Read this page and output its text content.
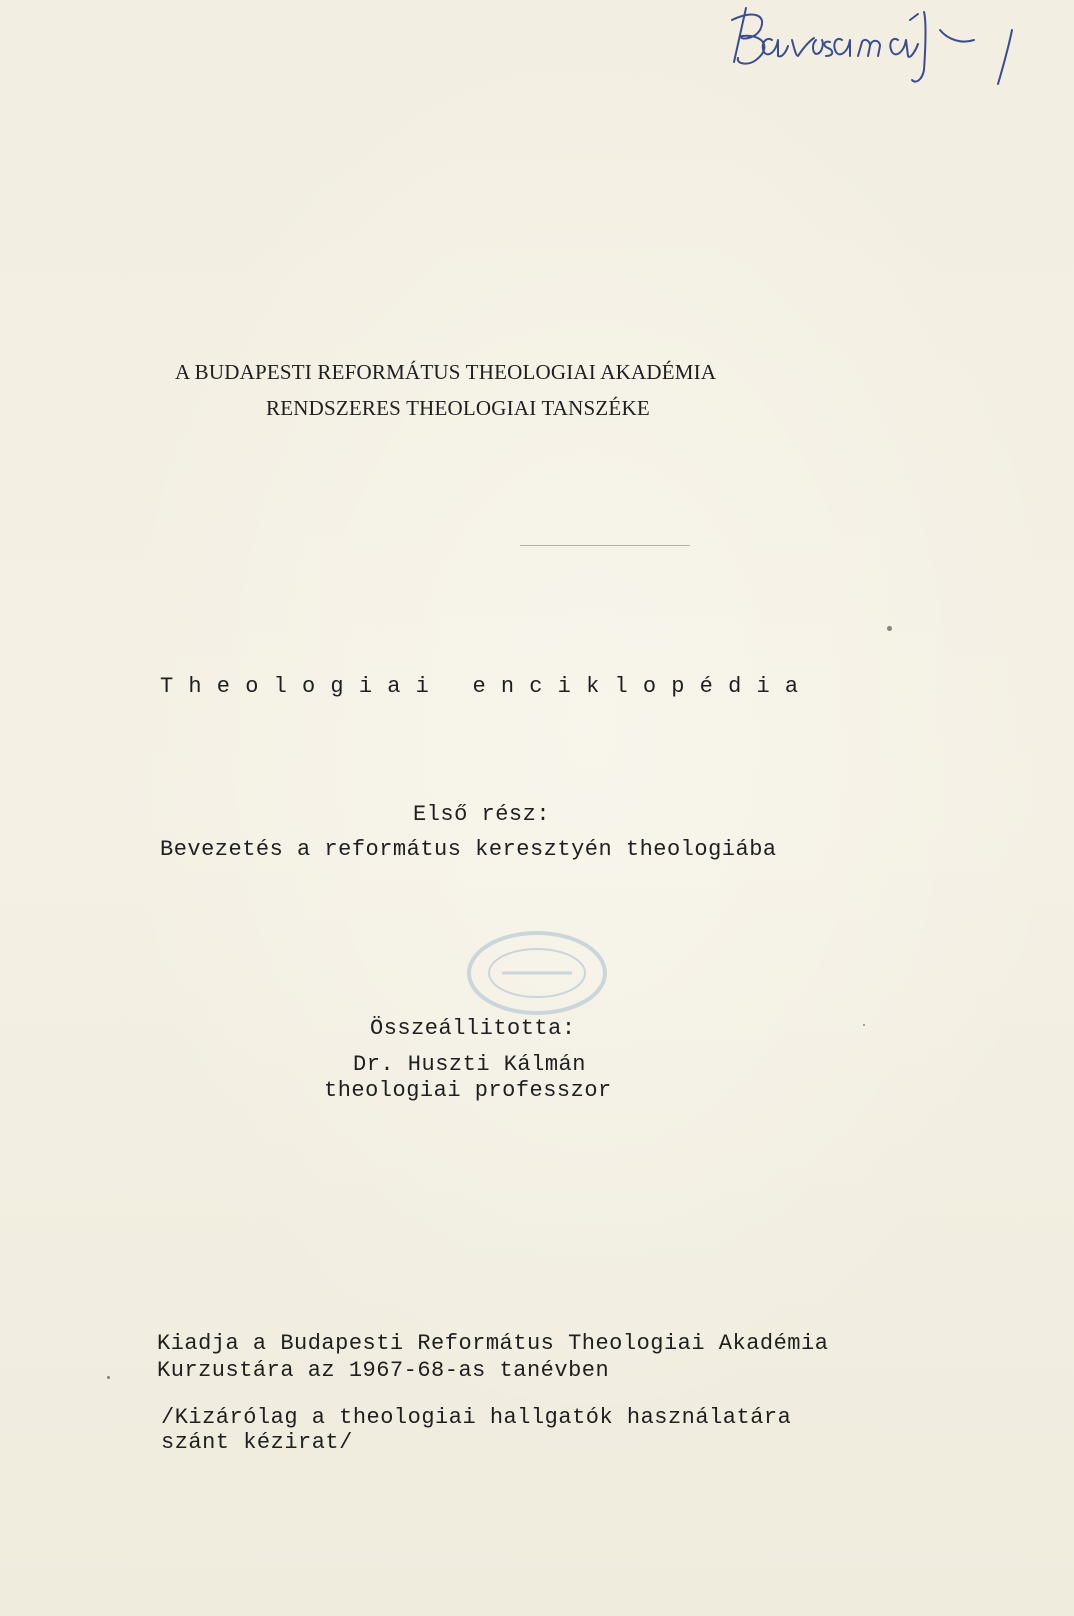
A BUDAPESTI REFORMÁTUS THEOLOGIAI AKADÉMIA
RENDSZERES THEOLOGIAI TANSZÉKE
T h e o l o g i a i   e n c i k l o p é d i a
Első rész:
Bevezetés a református keresztyén theologiába
Összeállitotta:
Dr. Huszti Kálmán
theologiai professzor
Kiadja a Budapesti Református Theologiai Akadémia
Kurzustára az 1967-68-as tanévben
/Kizárólag a theologiai hallgatók használatára
szánt kézirat/
